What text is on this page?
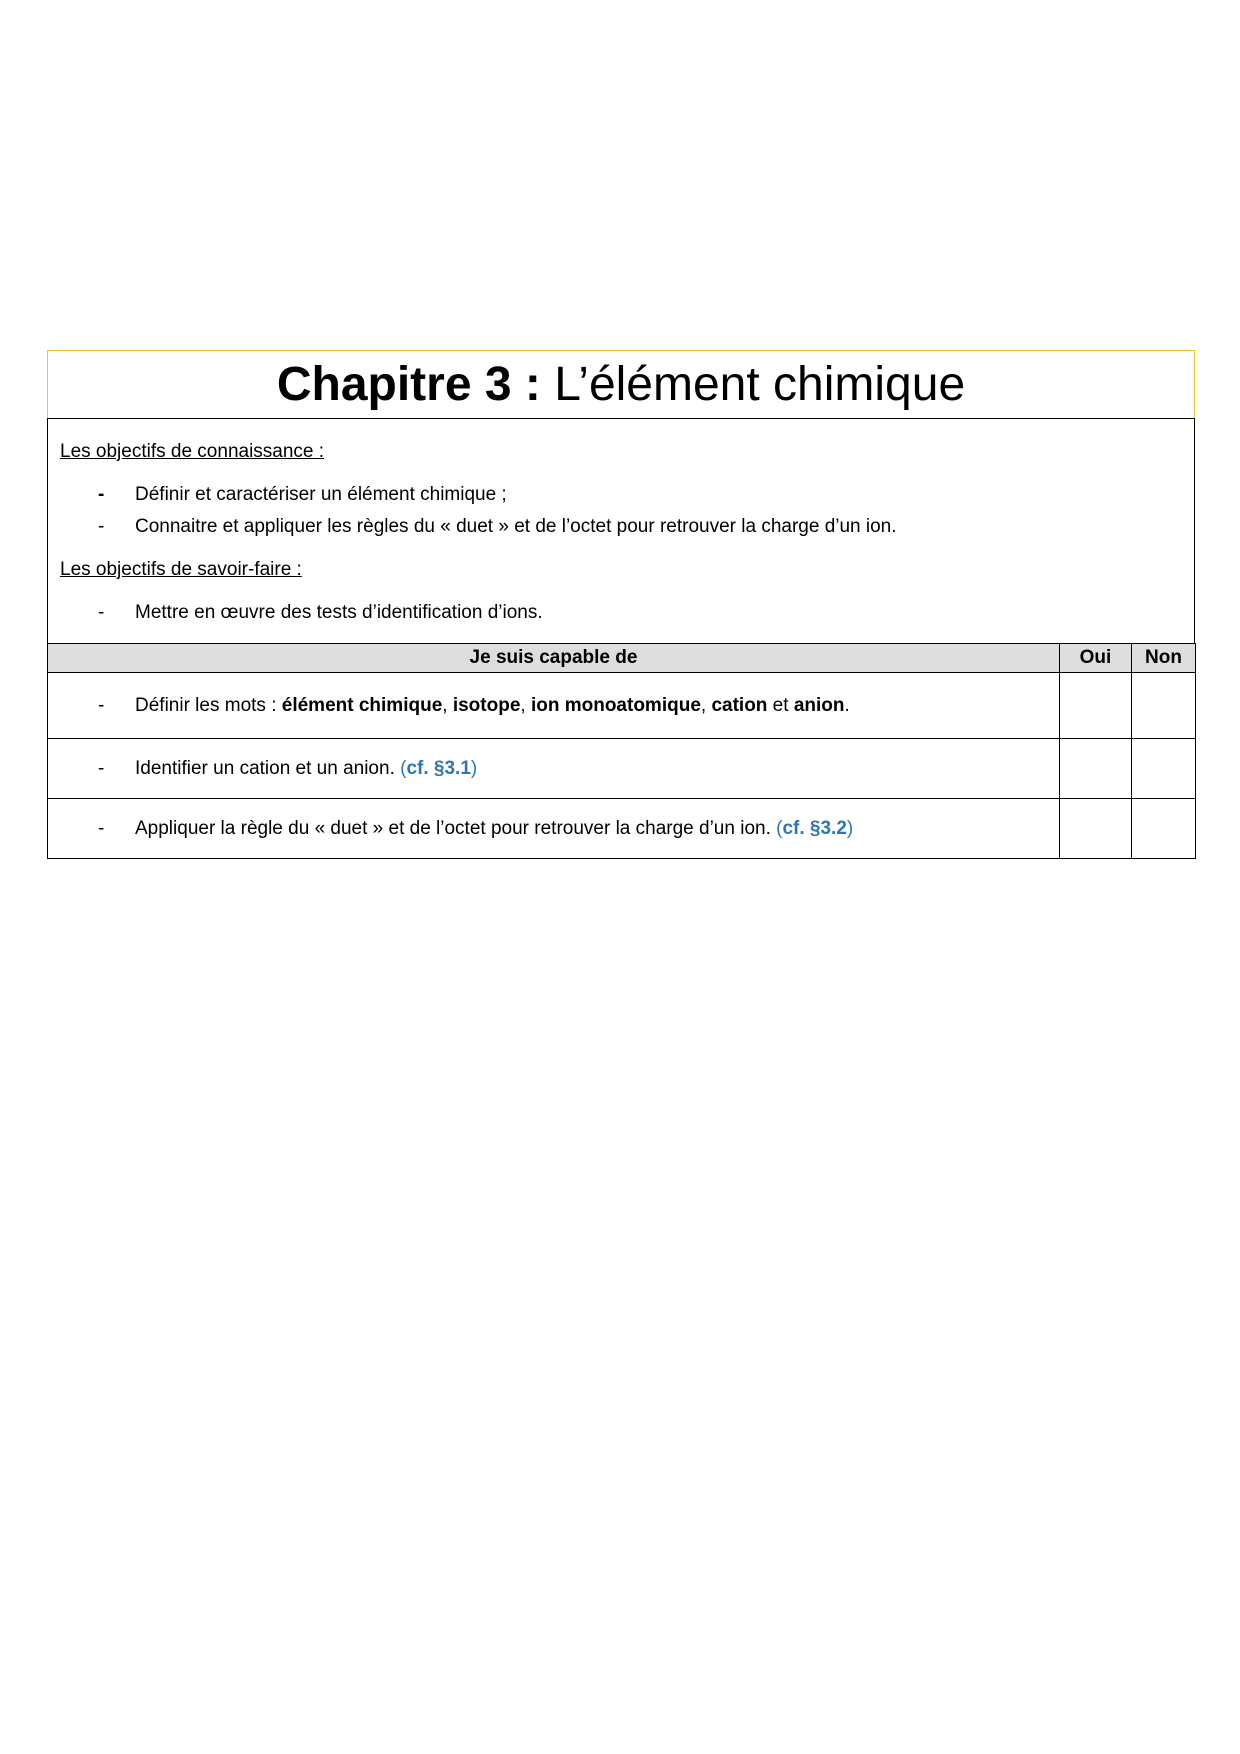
Chapitre 3 :
L’élément chimique
Les objectifs de connaissance :
- Définir et caractériser un élément chimique ;
- Connaitre et appliquer les règles du « duet » et de l’octet pour retrouver la charge d’un ion.
Les objectifs de savoir-faire :
- Mettre en œuvre des tests d’identification d’ions.
Je suis capable de	Oui	Non

- Définir les mots : élément chimique, isotope, ion monoatomique, cation et anion.		

- Identifier un cation et un anion. (cf. §3.1)		

- Appliquer la règle du « duet » et de l’octet pour retrouver la charge d’un ion. (cf. §3.2)		
